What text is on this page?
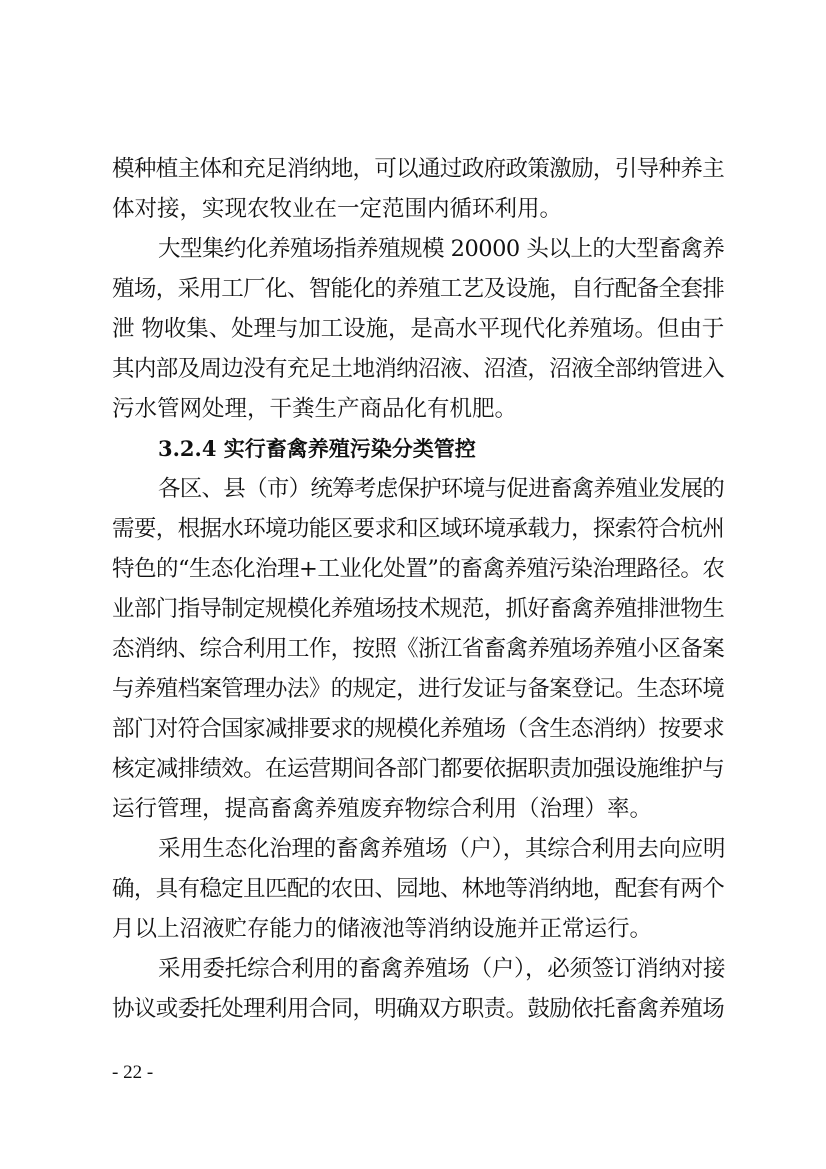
模种植主体和充足消纳地，可以通过政府政策激励，引导种养主
体对接，实现农牧业在一定范围内循环利用。
大型集约化养殖场指养殖规模 20000 头以上的大型畜禽养
殖场，采用工厂化、智能化的养殖工艺及设施，自行配备全套排
泄 物收集、处理与加工设施，是高水平现代化养殖场。但由于
其内部及周边没有充足土地消纳沼液、沼渣，沼液全部纳管进入
污水管网处理，干粪生产商品化有机肥。
3.2.4 实行畜禽养殖污染分类管控
各区、县（市）统筹考虑保护环境与促进畜禽养殖业发展的
需要，根据水环境功能区要求和区域环境承载力，探索符合杭州
特色的“生态化治理+工业化处置”的畜禽养殖污染治理路径。农
业部门指导制定规模化养殖场技术规范，抓好畜禽养殖排泄物生
态消纳、综合利用工作，按照《浙江省畜禽养殖场养殖小区备案
与养殖档案管理办法》的规定，进行发证与备案登记。生态环境
部门对符合国家减排要求的规模化养殖场（含生态消纳）按要求
核定减排绩效。在运营期间各部门都要依据职责加强设施维护与
运行管理，提高畜禽养殖废弃物综合利用（治理）率。
采用生态化治理的畜禽养殖场（户），其综合利用去向应明
确，具有稳定且匹配的农田、园地、林地等消纳地，配套有两个
月以上沼液贮存能力的储液池等消纳设施并正常运行。
采用委托综合利用的畜禽养殖场（户），必须签订消纳对接
协议或委托处理利用合同，明确双方职责。鼓励依托畜禽养殖场
- 22 -
